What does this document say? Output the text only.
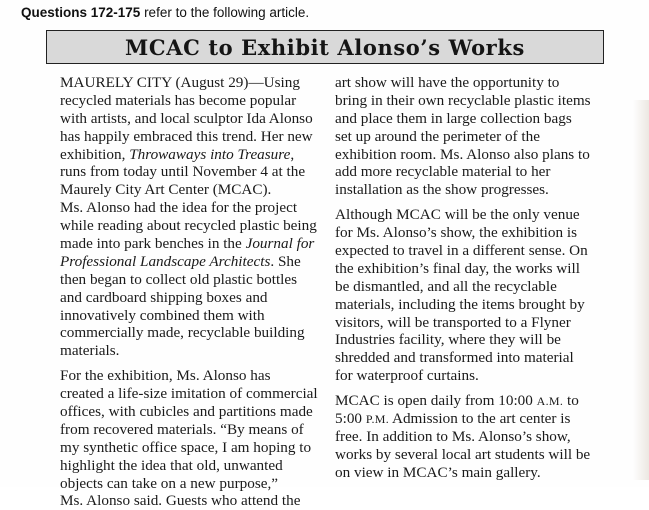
Questions 172-175 refer to the following article.
MCAC to Exhibit Alonso’s Works
MAURELY CITY (August 29)—Using
recycled materials has become popular
with artists, and local sculptor Ida Alonso
has happily embraced this trend. Her new
exhibition, Throwaways into Treasure,
runs from today until November 4 at the
Maurely City Art Center (MCAC).
Ms. Alonso had the idea for the project
while reading about recycled plastic being
made into park benches in the Journal for
Professional Landscape Architects. She
then began to collect old plastic bottles
and cardboard shipping boxes and
innovatively combined them with
commercially made, recyclable building
materials.
For the exhibition, Ms. Alonso has
created a life-size imitation of commercial
offices, with cubicles and partitions made
from recovered materials. “By means of
my synthetic office space, I am hoping to
highlight the idea that old, unwanted
objects can take on a new purpose,”
Ms. Alonso said. Guests who attend the
art show will have the opportunity to
bring in their own recyclable plastic items
and place them in large collection bags
set up around the perimeter of the
exhibition room. Ms. Alonso also plans to
add more recyclable material to her
installation as the show progresses.
Although MCAC will be the only venue
for Ms. Alonso’s show, the exhibition is
expected to travel in a different sense. On
the exhibition’s final day, the works will
be dismantled, and all the recyclable
materials, including the items brought by
visitors, will be transported to a Flyner
Industries facility, where they will be
shredded and transformed into material
for waterproof curtains.
MCAC is open daily from 10:00 A.M. to
5:00 P.M. Admission to the art center is
free. In addition to Ms. Alonso’s show,
works by several local art students will be
on view in MCAC’s main gallery.
